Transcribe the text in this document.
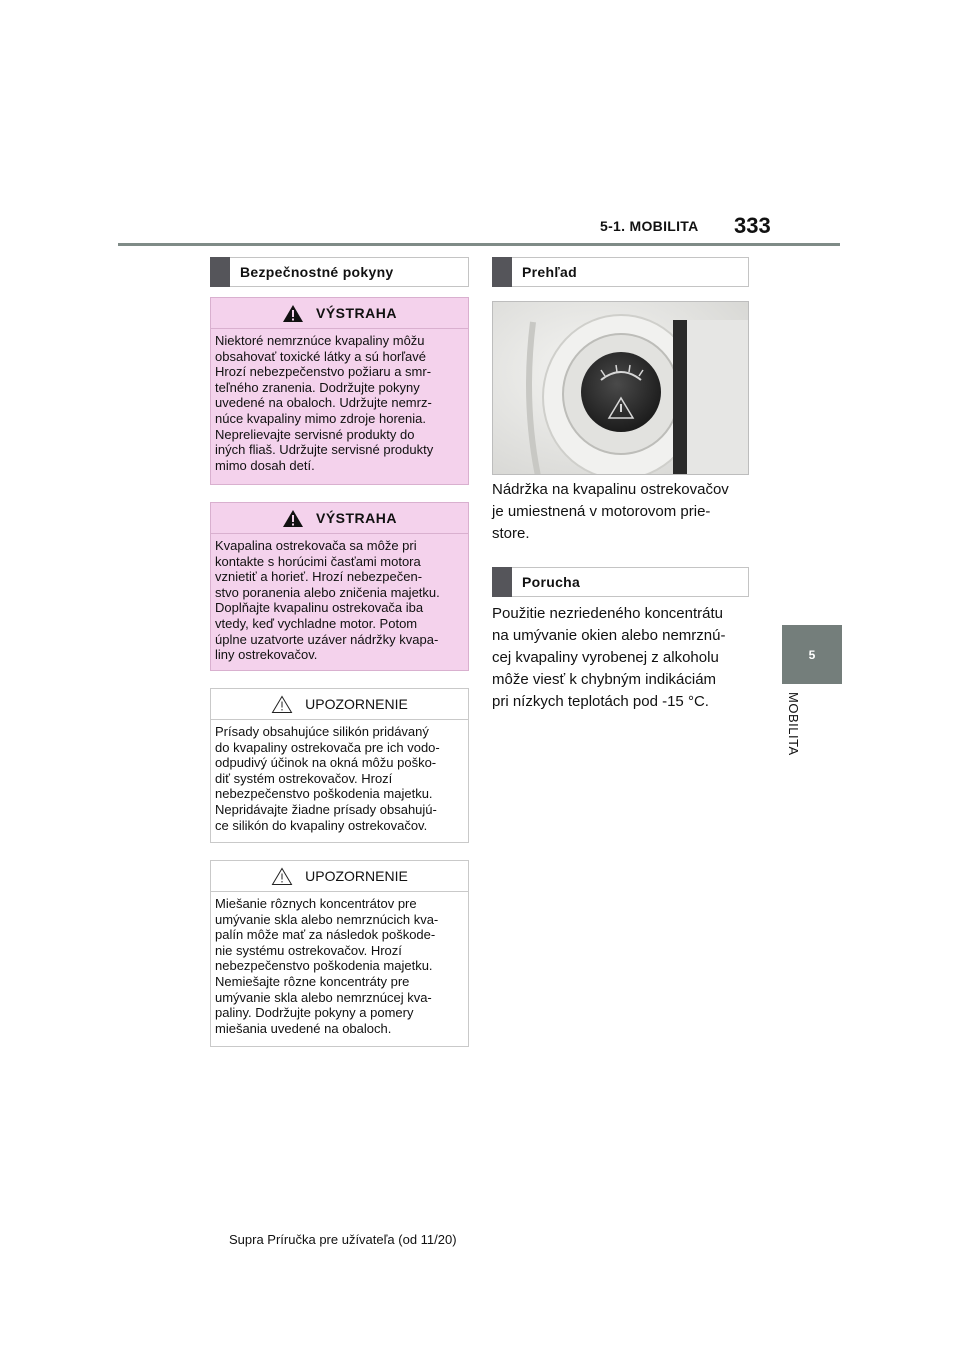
5-1. MOBILITA 333
5
MOBILITA
Bezpečnostné pokyny
VÝSTRAHA
Niektoré nemrznúce kvapaliny môžu
obsahovať toxické látky a sú horľavé
Hrozí nebezpečenstvo požiaru a smr-
teľného zranenia. Dodržujte pokyny
uvedené na obaloch. Udržujte nemrz-
núce kvapaliny mimo zdroje horenia.
Neprelievajte servisné produkty do
iných fliaš. Udržujte servisné produkty
mimo dosah detí.
VÝSTRAHA
Kvapalina ostrekovača sa môže pri
kontakte s horúcimi časťami motora
vznietiť a horieť. Hrozí nebezpečen-
stvo poranenia alebo zničenia majetku.
Doplňajte kvapalinu ostrekovača iba
vtedy, keď vychladne motor. Potom
úplne uzatvorte uzáver nádržky kvapa-
liny ostrekovačov.
UPOZORNENIE
Prísady obsahujúce silikón pridávaný
do kvapaliny ostrekovača pre ich vodo-
odpudivý účinok na okná môžu poško-
diť systém ostrekovačov. Hrozí
nebezpečenstvo poškodenia majetku.
Nepridávajte žiadne prísady obsahujú-
ce silikón do kvapaliny ostrekovačov.
UPOZORNENIE
Miešanie rôznych koncentrátov pre
umývanie skla alebo nemrznúcich kva-
palín môže mať za následok poškode-
nie systému ostrekovačov. Hrozí
nebezpečenstvo poškodenia majetku.
Nemiešajte rôzne koncentráty pre
umývanie skla alebo nemrznúcej kva-
paliny. Dodržujte pokyny a pomery
miešania uvedené na obaloch.
Prehľad
Nádržka na kvapalinu ostrekovačov
je umiestnená v motorovom prie-
store.
Porucha
Použitie nezriedeného koncentrátu
na umývanie okien alebo nemrznú-
cej kvapaliny vyrobenej z alkoholu
môže viesť k chybným indikáciám
pri nízkych teplotách pod -15 °C.
Supra Príručka pre užívateľa (od 11/20)
